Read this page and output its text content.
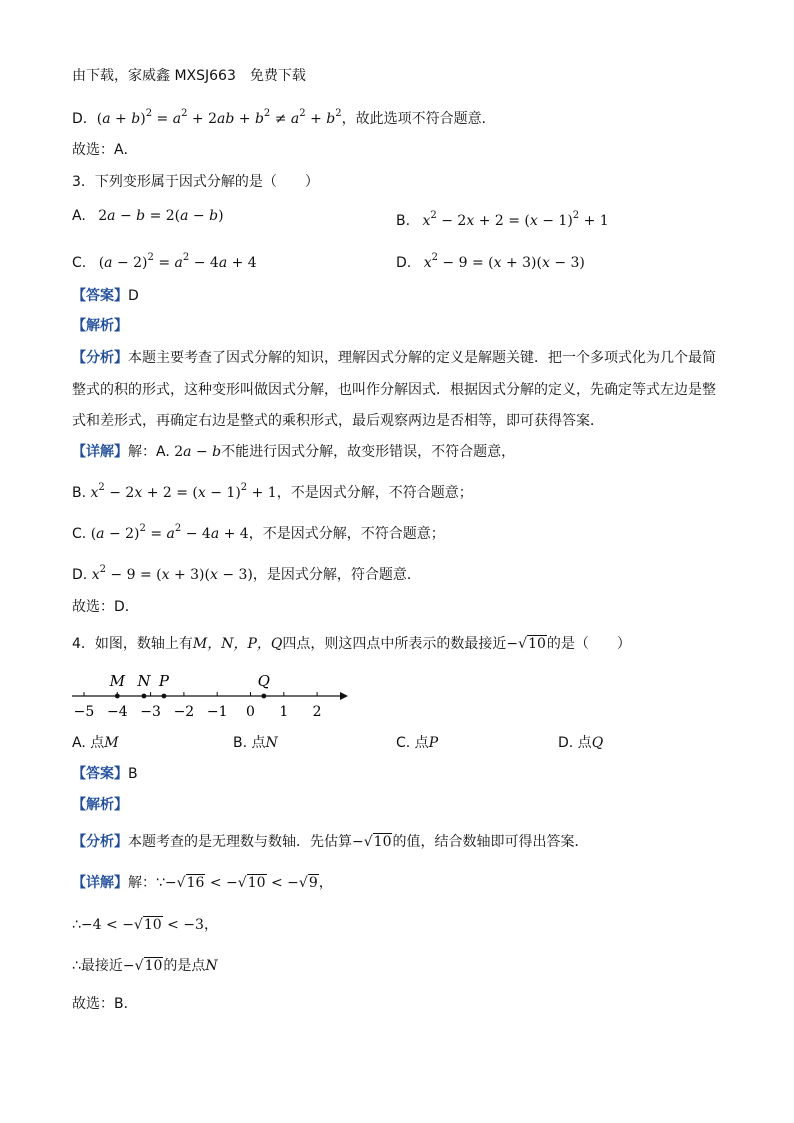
由下载，家威鑫 MXSJ663　免费下载
D．$(a + b)^2 = a^2 + 2ab + b^2 \ne a^2 + b^2$，故此选项不符合题意．
故选：A．
3．下列变形属于因式分解的是（　　）
A. 2a − b = 2(a − b)	B. $x^2 - 2x + 2 = (x - 1)^2 + 1$
C. $(a - 2)^2 = a^2 - 4a + 4$	D. $x^2 - 9 = (x + 3)(x - 3)$
【答案】D
【解析】
【分析】本题主要考查了因式分解的知识，理解因式分解的定义是解题关键．把一个多项式化为几个最简
整式的积的形式，这种变形叫做因式分解，也叫作分解因式．根据因式分解的定义，先确定等式左边是整
式和差形式，再确定右边是整式的乘积形式，最后观察两边是否相等，即可获得答案．
【详解】解：A. 2a − b不能进行因式分解，故变形错误，不符合题意，
B. $x^2 - 2x + 2 = (x - 1)^2 + 1$，不是因式分解，不符合题意；
C. $(a - 2)^2 = a^2 - 4a + 4$，不是因式分解，不符合题意；
D. $x^2 - 9 = (x + 3)(x - 3)$，是因式分解，符合题意．
故选：D．
4．如图，数轴上有M，N，P，Q四点，则这四点中所表示的数最接近−√10的是（　　）
−5 −4 −3 −2 −1 0 1 2
M N P	Q
A. 点M	B. 点N	C. 点P	D. 点Q
【答案】B
【解析】
【分析】本题考查的是无理数与数轴．先估算−√10的值，结合数轴即可得出答案．
【详解】解：∵−√16 < −√10 < −√9，
∴−4 < −√10 < −3，
∴最接近−√10的是点N
故选：B．
